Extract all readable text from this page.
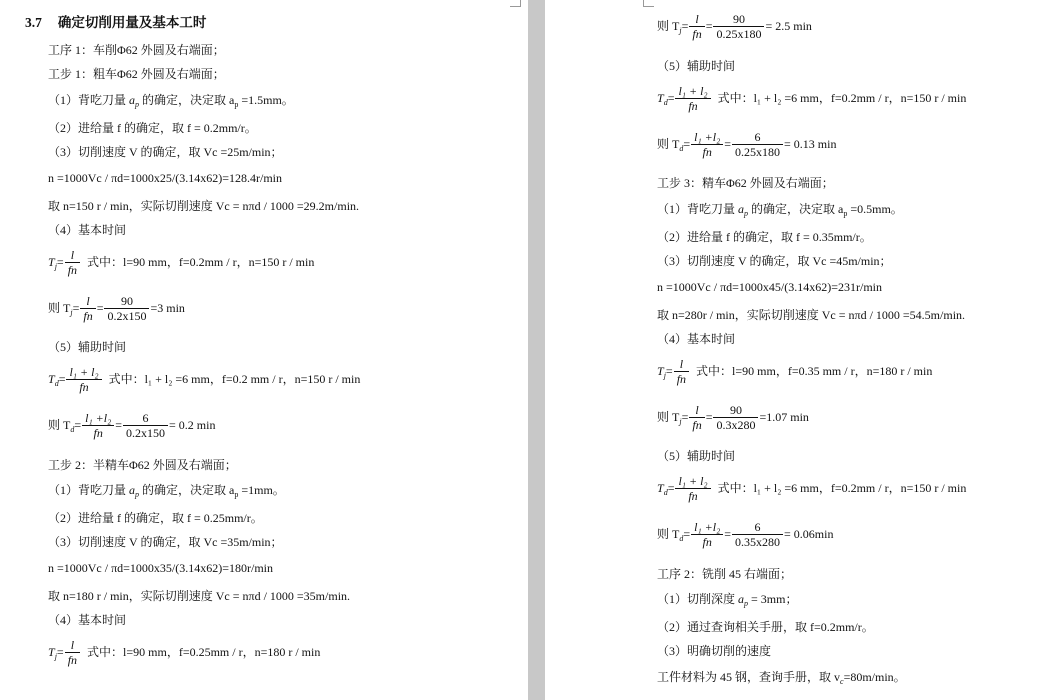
3.7 确定切削用量及基本工时
工序 1：车削Φ62 外圆及右端面；
工步 1：粗车Φ62 外圆及右端面；
（1）背吃刀量 $a_p$ 的确定，决定取 $a_p =1.5mm$。
（2）进给量 f 的确定，取 f = 0.2mm/r。
（3）切削速度 V 的确定，取 Vc =25m/min；
n =1000Vc / πd=1000x25/(3.14x62)=128.4r/min
取 n=150 r / min，实际切削速度 Vc = nπd / 1000 =29.2m/min.
（4）基本时间
$T_j= \frac{l}{fn}$ 式中：l=90 mm，f=0.2mm / r，n=150 r / min
则 $T_j= \frac{l}{fn} = \frac{90}{0.2x150} =3$ min
（5）辅助时间
$T_d= \frac{\text{l₁ + l₂}}{fn}$ 式中：l₁ + l₂ =6 mm，f=0.2 mm / r，n=150 r / min
则 $T_d= \frac{\text{l₁ +l₂}}{fn} = \frac{6}{0.2x150} = 0.2$ min
工步 2：半精车Φ62 外圆及右端面；
（1）背吃刀量 $a_p$ 的确定，决定取 $a_p =1mm$。
（2）进给量 f 的确定，取 f = 0.25mm/r。
（3）切削速度 V 的确定，取 Vc =35m/min；
n =1000Vc / πd=1000x35/(3.14x62)=180r/min
取 n=180 r / min，实际切削速度 Vc = nπd / 1000 =35m/min.
（4）基本时间
$T_j= \frac{l}{fn}$ 式中：l=90 mm，f=0.25mm / r，n=180 r / min
则 $T_j= \frac{l}{fn} = \frac{90}{0.25x180} = 2.5$ min
（5）辅助时间
$T_d= \frac{\text{l₁ + l₂}}{fn}$ 式中：l₁ + l₂ =6 mm，f=0.2mm / r，n=150 r / min
则 $T_d= \frac{\text{l₁ +l₂}}{fn} = \frac{6}{0.25x180} = 0.13$ min
工步 3：精车Φ62 外圆及右端面；
（1）背吃刀量 $a_p$ 的确定，决定取 $a_p =0.5mm$。
（2）进给量 f 的确定，取 f = 0.35mm/r。
（3）切削速度 V 的确定，取 Vc =45m/min；
n =1000Vc / πd=1000x45/(3.14x62)=231r/min
取 n=280r / min，实际切削速度 Vc = nπd / 1000 =54.5m/min.
（4）基本时间
$T_j= \frac{l}{fn}$ 式中：l=90 mm，f=0.35 mm / r，n=180 r / min
则 $T_j= \frac{l}{fn} = \frac{90}{0.3x280} =1.07$ min
（5）辅助时间
$T_d= \frac{\text{l₁ + l₂}}{fn}$ 式中：l₁ + l₂ =6 mm，f=0.2mm / r，n=150 r / min
则 $T_d= \frac{\text{l₁ +l₂}}{fn} = \frac{6}{0.35x280} = 0.06\min$
工序 2：铣削 45 右端面；
（1）切削深度 $a_p = 3mm$；
（2）通过查询相关手册，取 f=0.2mm/r。
（3）明确切削的速度
工件材料为 45 钢，查询手册，取 $v_c=80m/\min$。
